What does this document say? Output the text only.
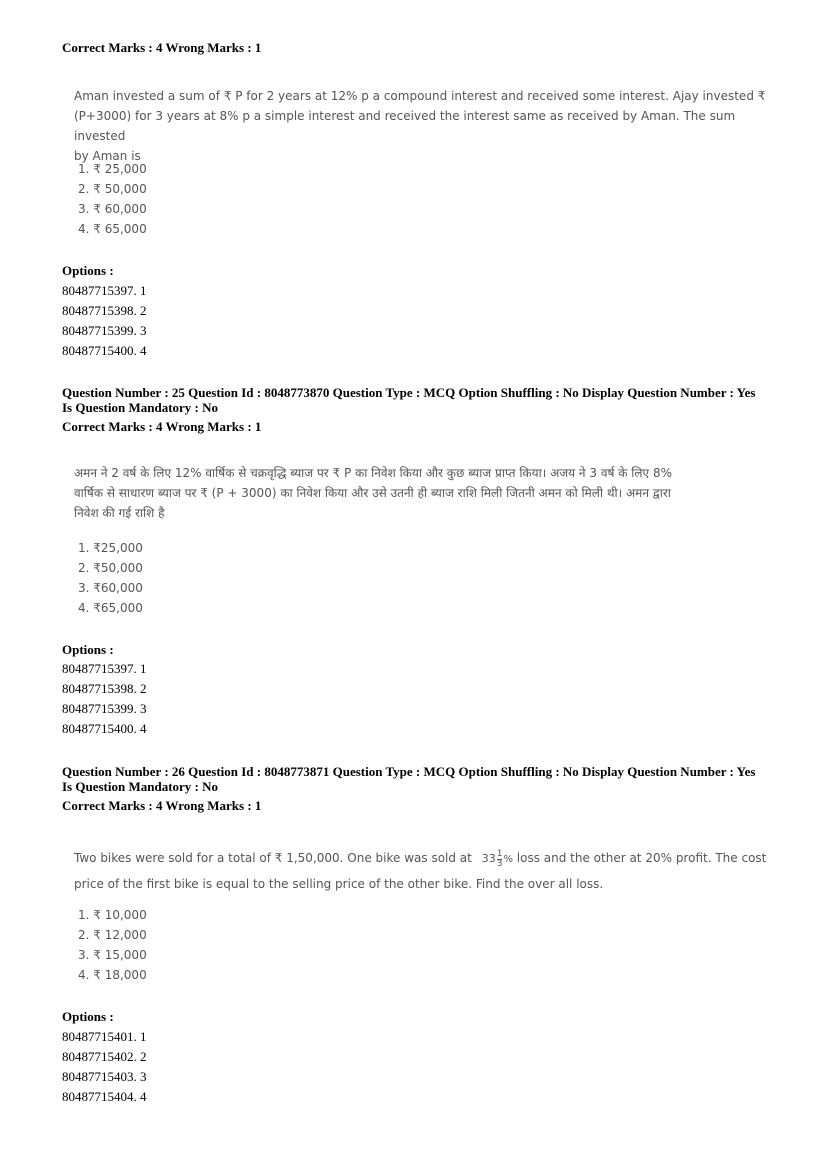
Correct Marks : 4 Wrong Marks : 1
Aman invested a sum of ₹ P for 2 years at 12% p a compound interest and received some interest. Ajay invested ₹
(P+3000) for 3 years at 8% p a simple interest and received the interest same as received by Aman. The sum invested
by Aman is
1. ₹ 25,000
2. ₹ 50,000
3. ₹ 60,000
4. ₹ 65,000
Options :
80487715397. 1
80487715398. 2
80487715399. 3
80487715400. 4
Question Number : 25 Question Id : 8048773870 Question Type : MCQ Option Shuffling : No Display Question Number : Yes
Is Question Mandatory : No
Correct Marks : 4 Wrong Marks : 1
अमन ने 2 वर्ष के लिए 12% वार्षिक से चक्रवृद्धि ब्याज पर ₹ P का निवेश किया और कुछ ब्याज प्राप्त किया। अजय ने 3 वर्ष के लिए 8%
वार्षिक से साधारण ब्याज पर ₹ (P + 3000) का निवेश किया और उसे उतनी ही ब्याज राशि मिली जितनी अमन को मिली थी। अमन द्वारा
निवेश की गई राशि है
1. ₹25,000
2. ₹50,000
3. ₹60,000
4. ₹65,000
Options :
80487715397. 1
80487715398. 2
80487715399. 3
80487715400. 4
Question Number : 26 Question Id : 8048773871 Question Type : MCQ Option Shuffling : No Display Question Number : Yes
Is Question Mandatory : No
Correct Marks : 4 Wrong Marks : 1
Two bikes were sold for a total of ₹ 1,50,000. One bike was sold at $33 \frac{1}{3}$ % loss and the other at 20% profit. The cost
price of the first bike is equal to the selling price of the other bike. Find the over all loss.
1. ₹ 10,000
2. ₹ 12,000
3. ₹ 15,000
4. ₹ 18,000
Options :
80487715401. 1
80487715402. 2
80487715403. 3
80487715404. 4
